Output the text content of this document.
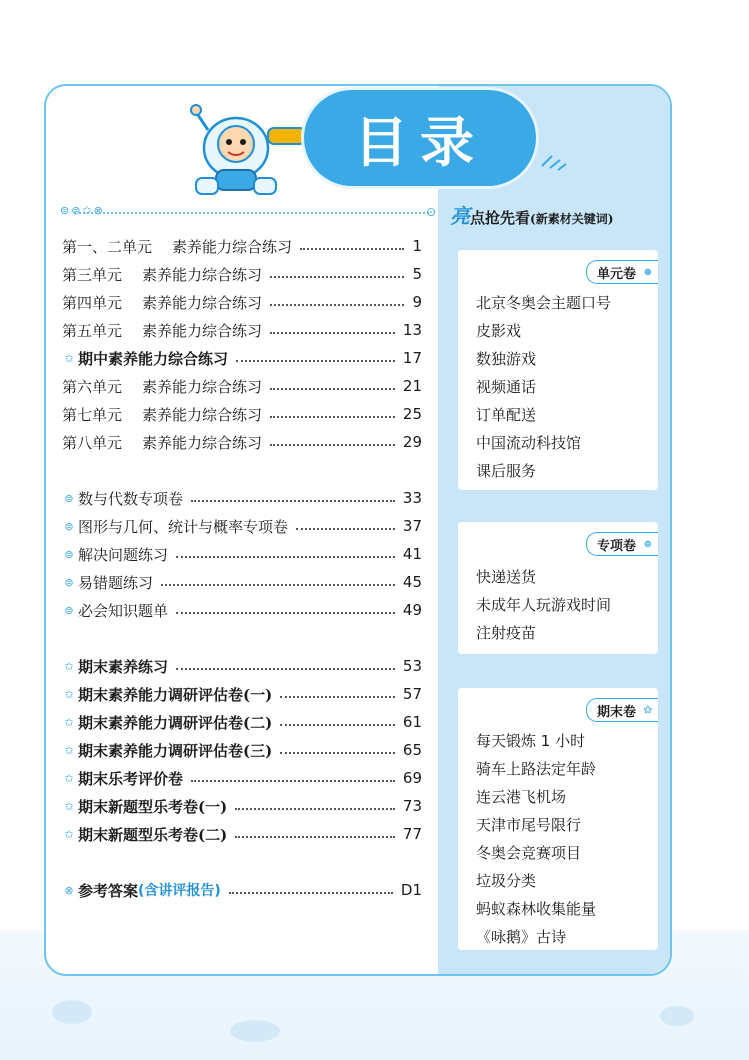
目录
⊜⊜✩⊗	⊙ 亮点抢先看(新素材关键词)
第一、二单元 素养能力综合练习	1
第三单元 素养能力综合练习	5
第四单元 素养能力综合练习	9
第五单元 素养能力综合练习	13
✩ 期中素养能力综合练习	17
第六单元 素养能力综合练习	21
第七单元 素养能力综合练习	25
第八单元 素养能力综合练习	29
⊜ 数与代数专项卷	33
⊜ 图形与几何、统计与概率专项卷	37
⊜ 解决问题练习	41
⊜ 易错题练习	45
⊜ 必会知识题单	49
✩ 期末素养练习	53
✩ 期末素养能力调研评估卷(一)	57
✩ 期末素养能力调研评估卷(二)	61
✩ 期末素养能力调研评估卷(三)	65
✩ 期末乐考评价卷	69
✩ 期末新题型乐考卷(一)	73
✩ 期末新题型乐考卷(二)	77
⊗ 参考答案 (含讲评报告)	D1
单元卷 ⊗
北京冬奥会主题口号
皮影戏
数独游戏
视频通话
订单配送
中国流动科技馆
课后服务
专项卷 ⊜
快递送货
未成年人玩游戏时间
注射疫苗
期末卷 ✩
每天锻炼 1 小时
骑车上路法定年龄
连云港飞机场
天津市尾号限行
冬奥会竞赛项目
垃圾分类
蚂蚁森林收集能量
《咏鹅》古诗
